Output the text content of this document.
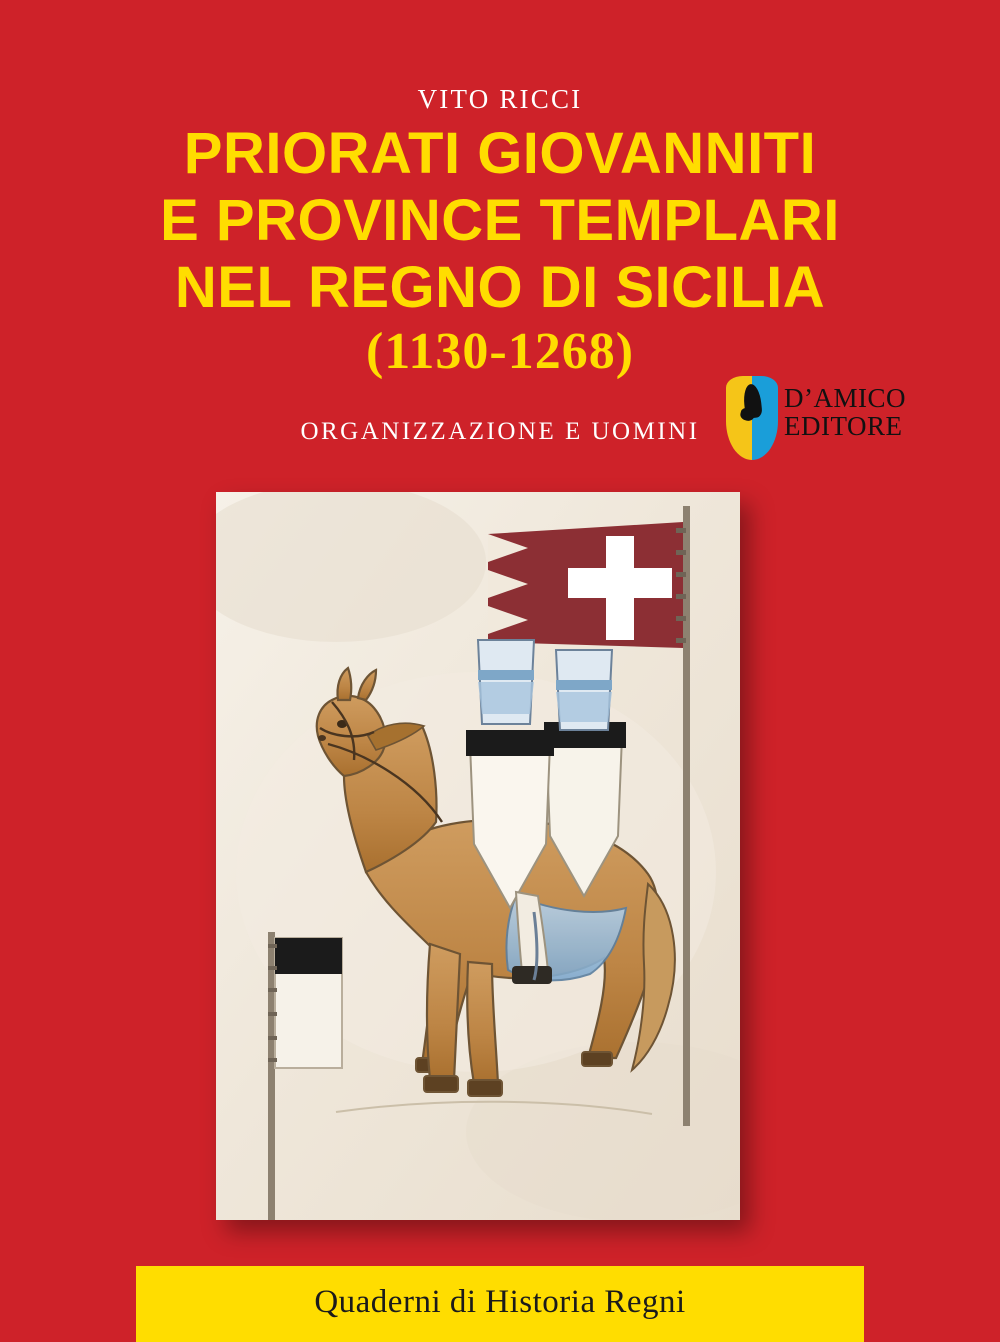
VITO RICCI
PRIORATI GIOVANNITI
E PROVINCE TEMPLARI
NEL REGNO DI SICILIA
(1130-1268)
ORGANIZZAZIONE E UOMINI
D’AMICO
EDITORE
Quaderni di Historia Regni
